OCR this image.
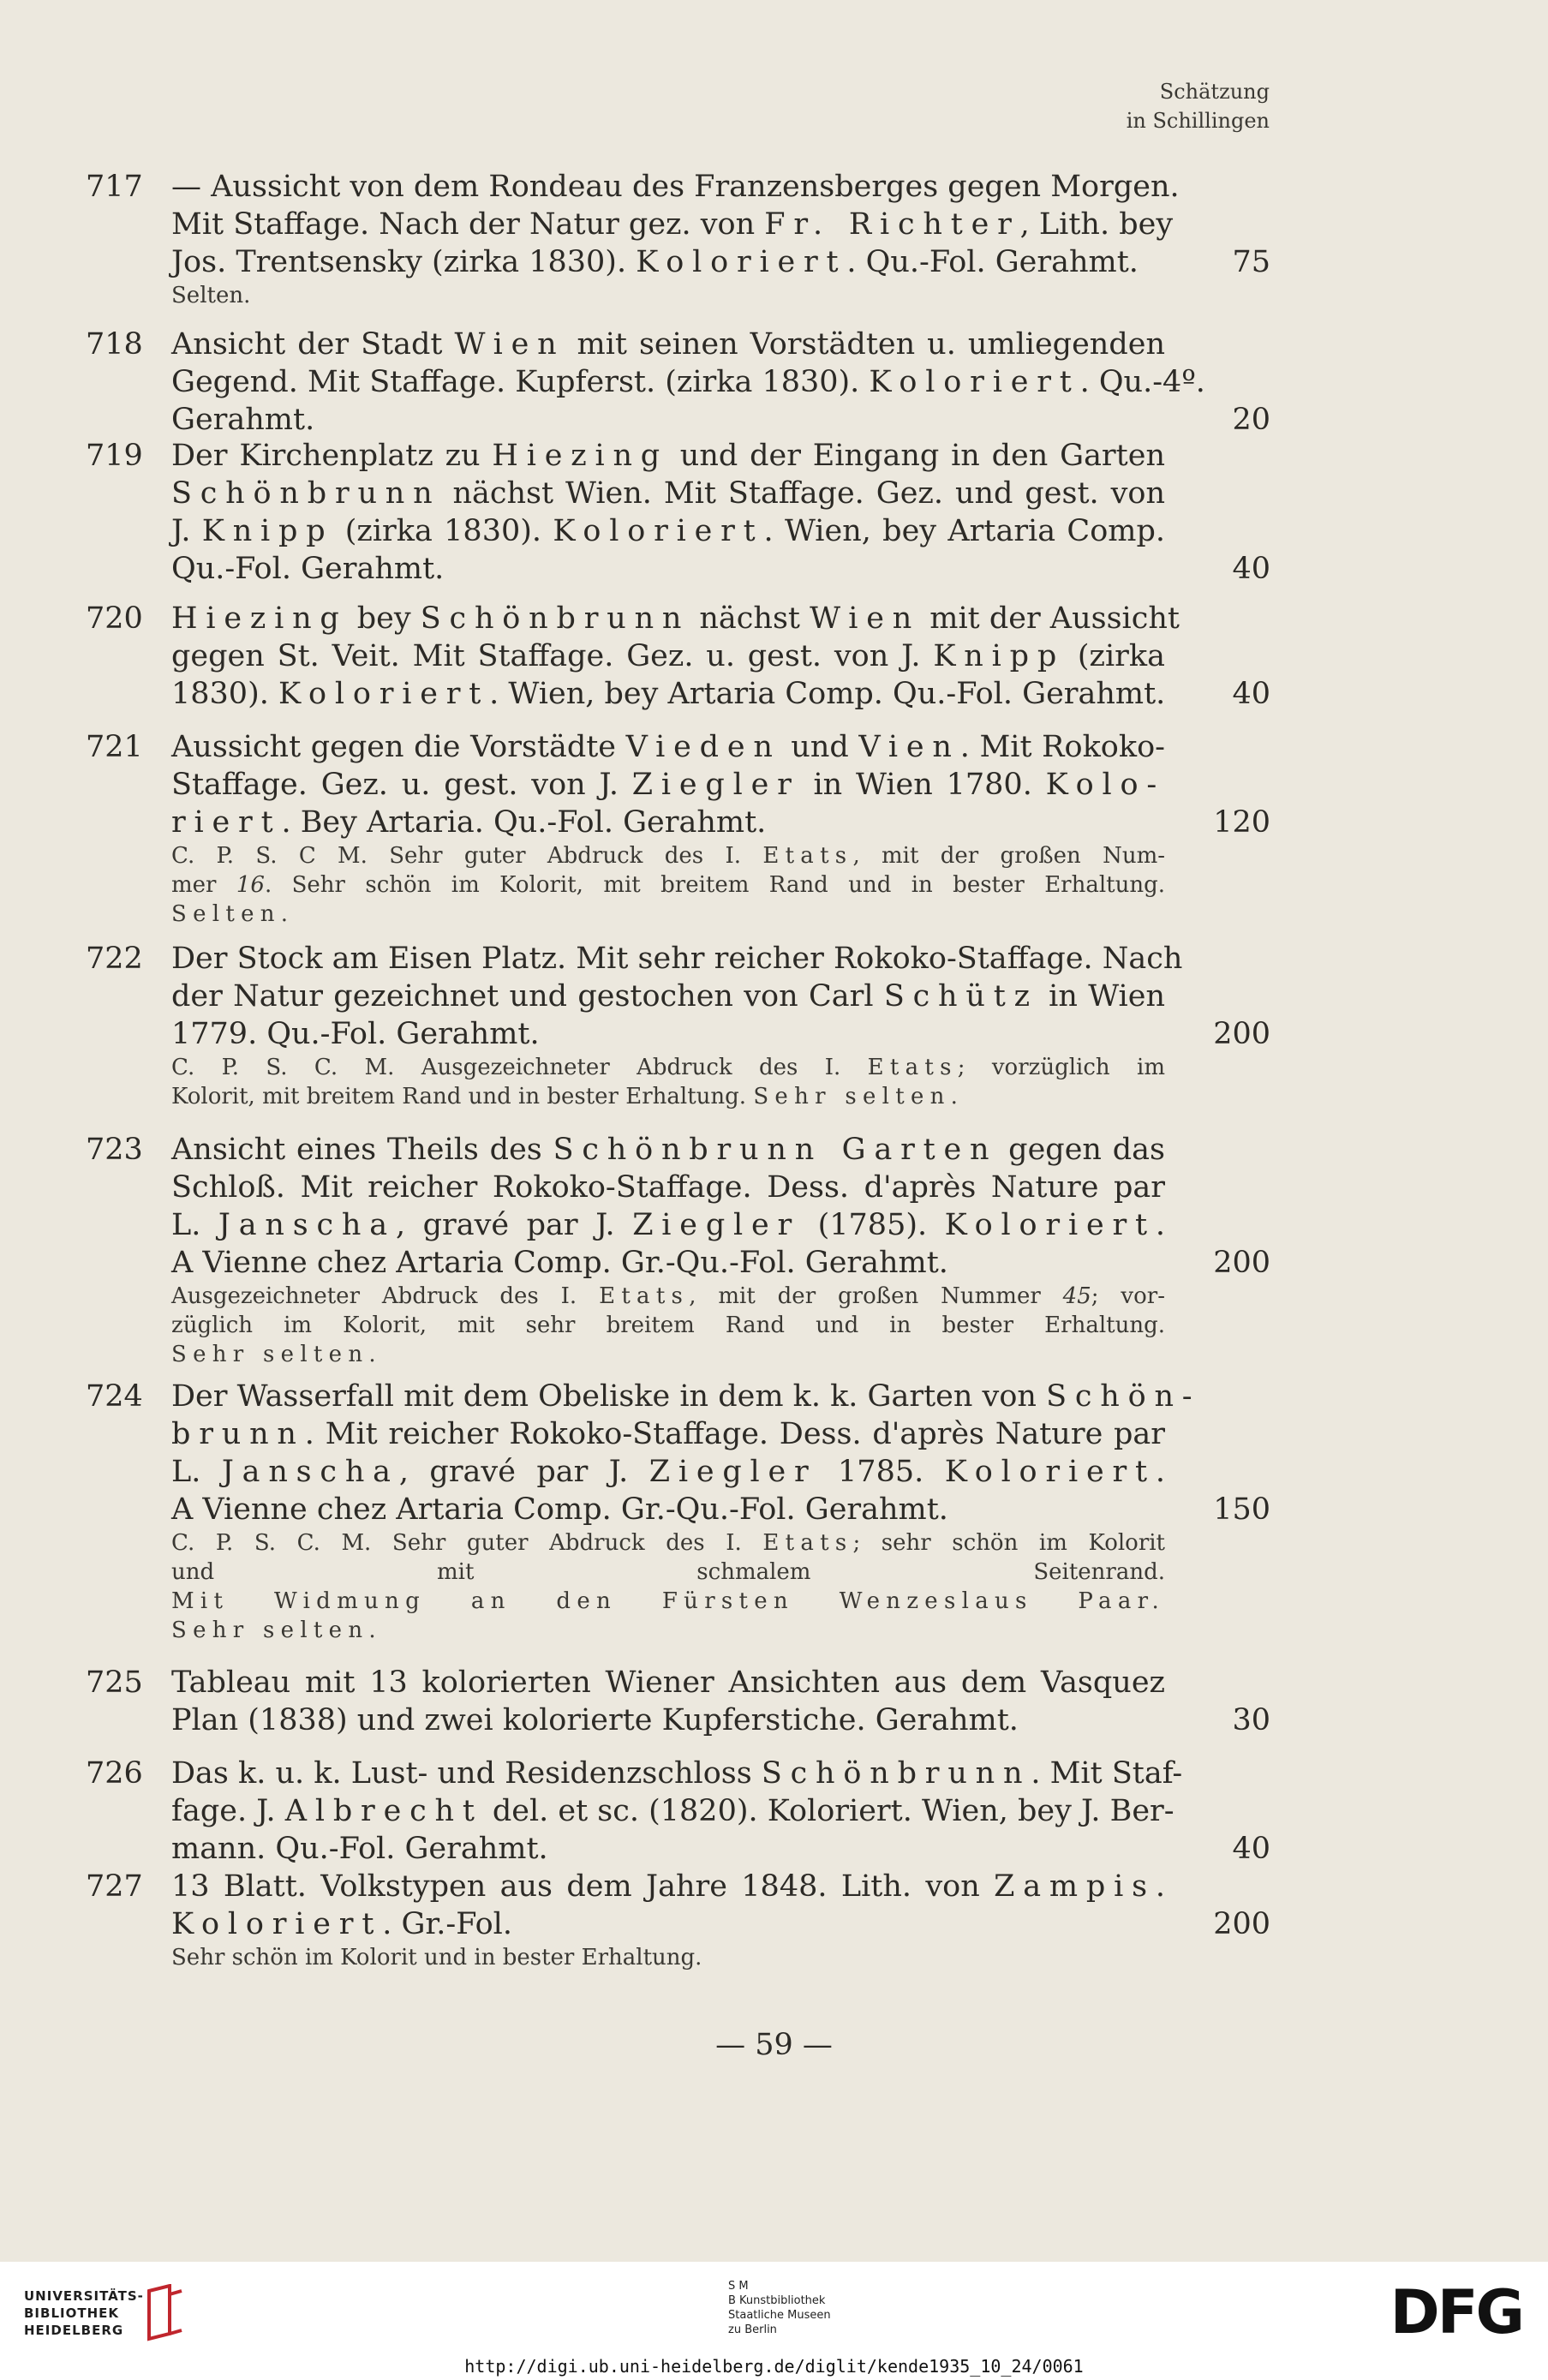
Schätzung
in Schillingen
717 — Aussicht von dem Rondeau des Franzensberges gegen Morgen.
Mit Staffage. Nach der Natur gez. von Fr. Richter, Lith. bey
Jos. Trentsensky (zirka 1830). Koloriert. Qu.-Fol. Gerahmt.
Selten.
75
718 Ansicht der Stadt Wien mit seinen Vorstädten u. umliegenden
Gegend. Mit Staffage. Kupferst. (zirka 1830). Koloriert. Qu.-4º.
Gerahmt.	20
719 Der Kirchenplatz zu Hiezing und der Eingang in den Garten
Schönbrunn nächst Wien. Mit Staffage. Gez. und gest. von
J. Knipp (zirka 1830). Koloriert. Wien, bey Artaria Comp.
Qu.-Fol. Gerahmt.	40
720 Hiezing bey Schönbrunn nächst Wien mit der Aussicht
gegen St. Veit. Mit Staffage. Gez. u. gest. von J. Knipp (zirka
1830). Koloriert. Wien, bey Artaria Comp. Qu.-Fol. Gerahmt. 40
721 Aussicht gegen die Vorstädte Vieden und Vien. Mit Rokoko-
Staffage. Gez. u. gest. von J. Ziegler in Wien 1780. Kolo-
riert. Bey Artaria. Qu.-Fol. Gerahmt.
C. P. S. C M. Sehr guter Abdruck des I. Etats, mit der großen Num-
mer 16. Sehr schön im Kolorit, mit breitem Rand und in bester Erhaltung.
Selten.
120
722 Der Stock am Eisen Platz. Mit sehr reicher Rokoko-Staffage. Nach
der Natur gezeichnet und gestochen von Carl Schütz in Wien
1779. Qu.-Fol. Gerahmt.
C. P. S. C. M. Ausgezeichneter Abdruck des I. Etats; vorzüglich im
Kolorit, mit breitem Rand und in bester Erhaltung. Sehr selten.
200
723 Ansicht eines Theils des Schönbrunn Garten gegen das
Schloß. Mit reicher Rokoko-Staffage. Dess. d'après Nature par
L. Janscha, gravé par J. Ziegler (1785). Koloriert.
A Vienne chez Artaria Comp. Gr.-Qu.-Fol. Gerahmt.
Ausgezeichneter Abdruck des I. Etats, mit der großen Nummer 45; vor-
züglich im Kolorit, mit sehr breitem Rand und in bester Erhaltung.
Sehr selten.
200
724 Der Wasserfall mit dem Obeliske in dem k. k. Garten von Schön-
brunn. Mit reicher Rokoko-Staffage. Dess. d'après Nature par
L. Janscha, gravé par J. Ziegler 1785. Koloriert.
A Vienne chez Artaria Comp. Gr.-Qu.-Fol. Gerahmt.
C. P. S. C. M. Sehr guter Abdruck des I. Etats; sehr schön im Kolorit
und mit schmalem Seitenrand.
Mit Widmung an den Fürsten Wenzeslaus Paar.
Sehr selten.
150
725 Tableau mit 13 kolorierten Wiener Ansichten aus dem Vasquez
Plan (1838) und zwei kolorierte Kupferstiche. Gerahmt.	30
726 Das k. u. k. Lust- und Residenzschloss Schönbrunn. Mit Staf-
fage. J. Albrecht del. et sc. (1820). Koloriert. Wien, bey J. Ber-
mann. Qu.-Fol. Gerahmt.	40
727 13 Blatt. Volkstypen aus dem Jahre 1848. Lith. von Zampis.
Koloriert. Gr.-Fol.
Sehr schön im Kolorit und in bester Erhaltung.
200
— 59 —
UNIVERSITÄTS-
BIBLIOTHEK
HEIDELBERG
S M
B Kunstbibliothek
Staatliche Museen
zu Berlin	DFG
http://digi.ub.uni-heidelberg.de/diglit/kende1935_10_24/0061
